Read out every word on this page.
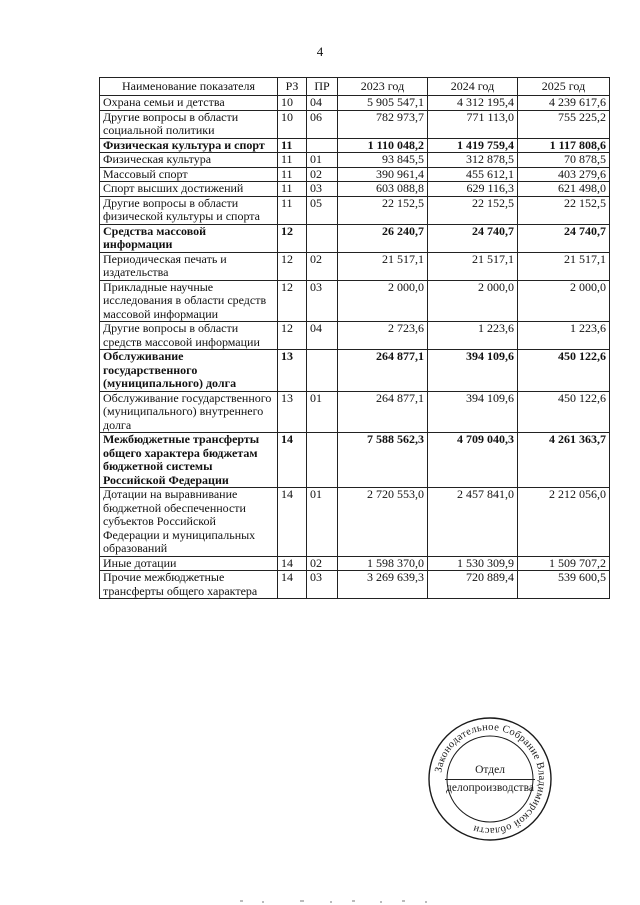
4
Наименование показателя	РЗ	ПР	2023 год	2024 год	2025 год
Охрана семьи и детства	10	04	5 905 547,1	4 312 195,4	4 239 617,6
Другие вопросы в области социальной политики	10	06	782 973,7	771 113,0	755 225,2
Физическая культура и спорт	11		1 110 048,2	1 419 759,4	1 117 808,6
Физическая культура	11	01	93 845,5	312 878,5	70 878,5
Массовый спорт	11	02	390 961,4	455 612,1	403 279,6
Спорт высших достижений	11	03	603 088,8	629 116,3	621 498,0
Другие вопросы в области физической культуры и спорта	11	05	22 152,5	22 152,5	22 152,5
Средства массовой информации	12		26 240,7	24 740,7	24 740,7
Периодическая печать и издательства	12	02	21 517,1	21 517,1	21 517,1
Прикладные научные исследования в области средств массовой информации	12	03	2 000,0	2 000,0	2 000,0
Другие вопросы в области средств массовой информации	12	04	2 723,6	1 223,6	1 223,6
Обслуживание государственного (муниципального) долга	13		264 877,1	394 109,6	450 122,6
Обслуживание государственного (муниципального) внутреннего долга	13	01	264 877,1	394 109,6	450 122,6
Межбюджетные трансферты общего характера бюджетам бюджетной системы Российской Федерации	14		7 588 562,3	4 709 040,3	4 261 363,7
Дотации на выравнивание бюджетной обеспеченности субъектов Российской Федерации и муниципальных образований	14	01	2 720 553,0	2 457 841,0	2 212 056,0
Иные дотации	14	02	1 598 370,0	1 530 309,9	1 509 707,2
Прочие межбюджетные трансферты общего характера	14	03	3 269 639,3	720 889,4	539 600,5
Законодательное Собрание Владимирской области
Отдел
делопроизводства
